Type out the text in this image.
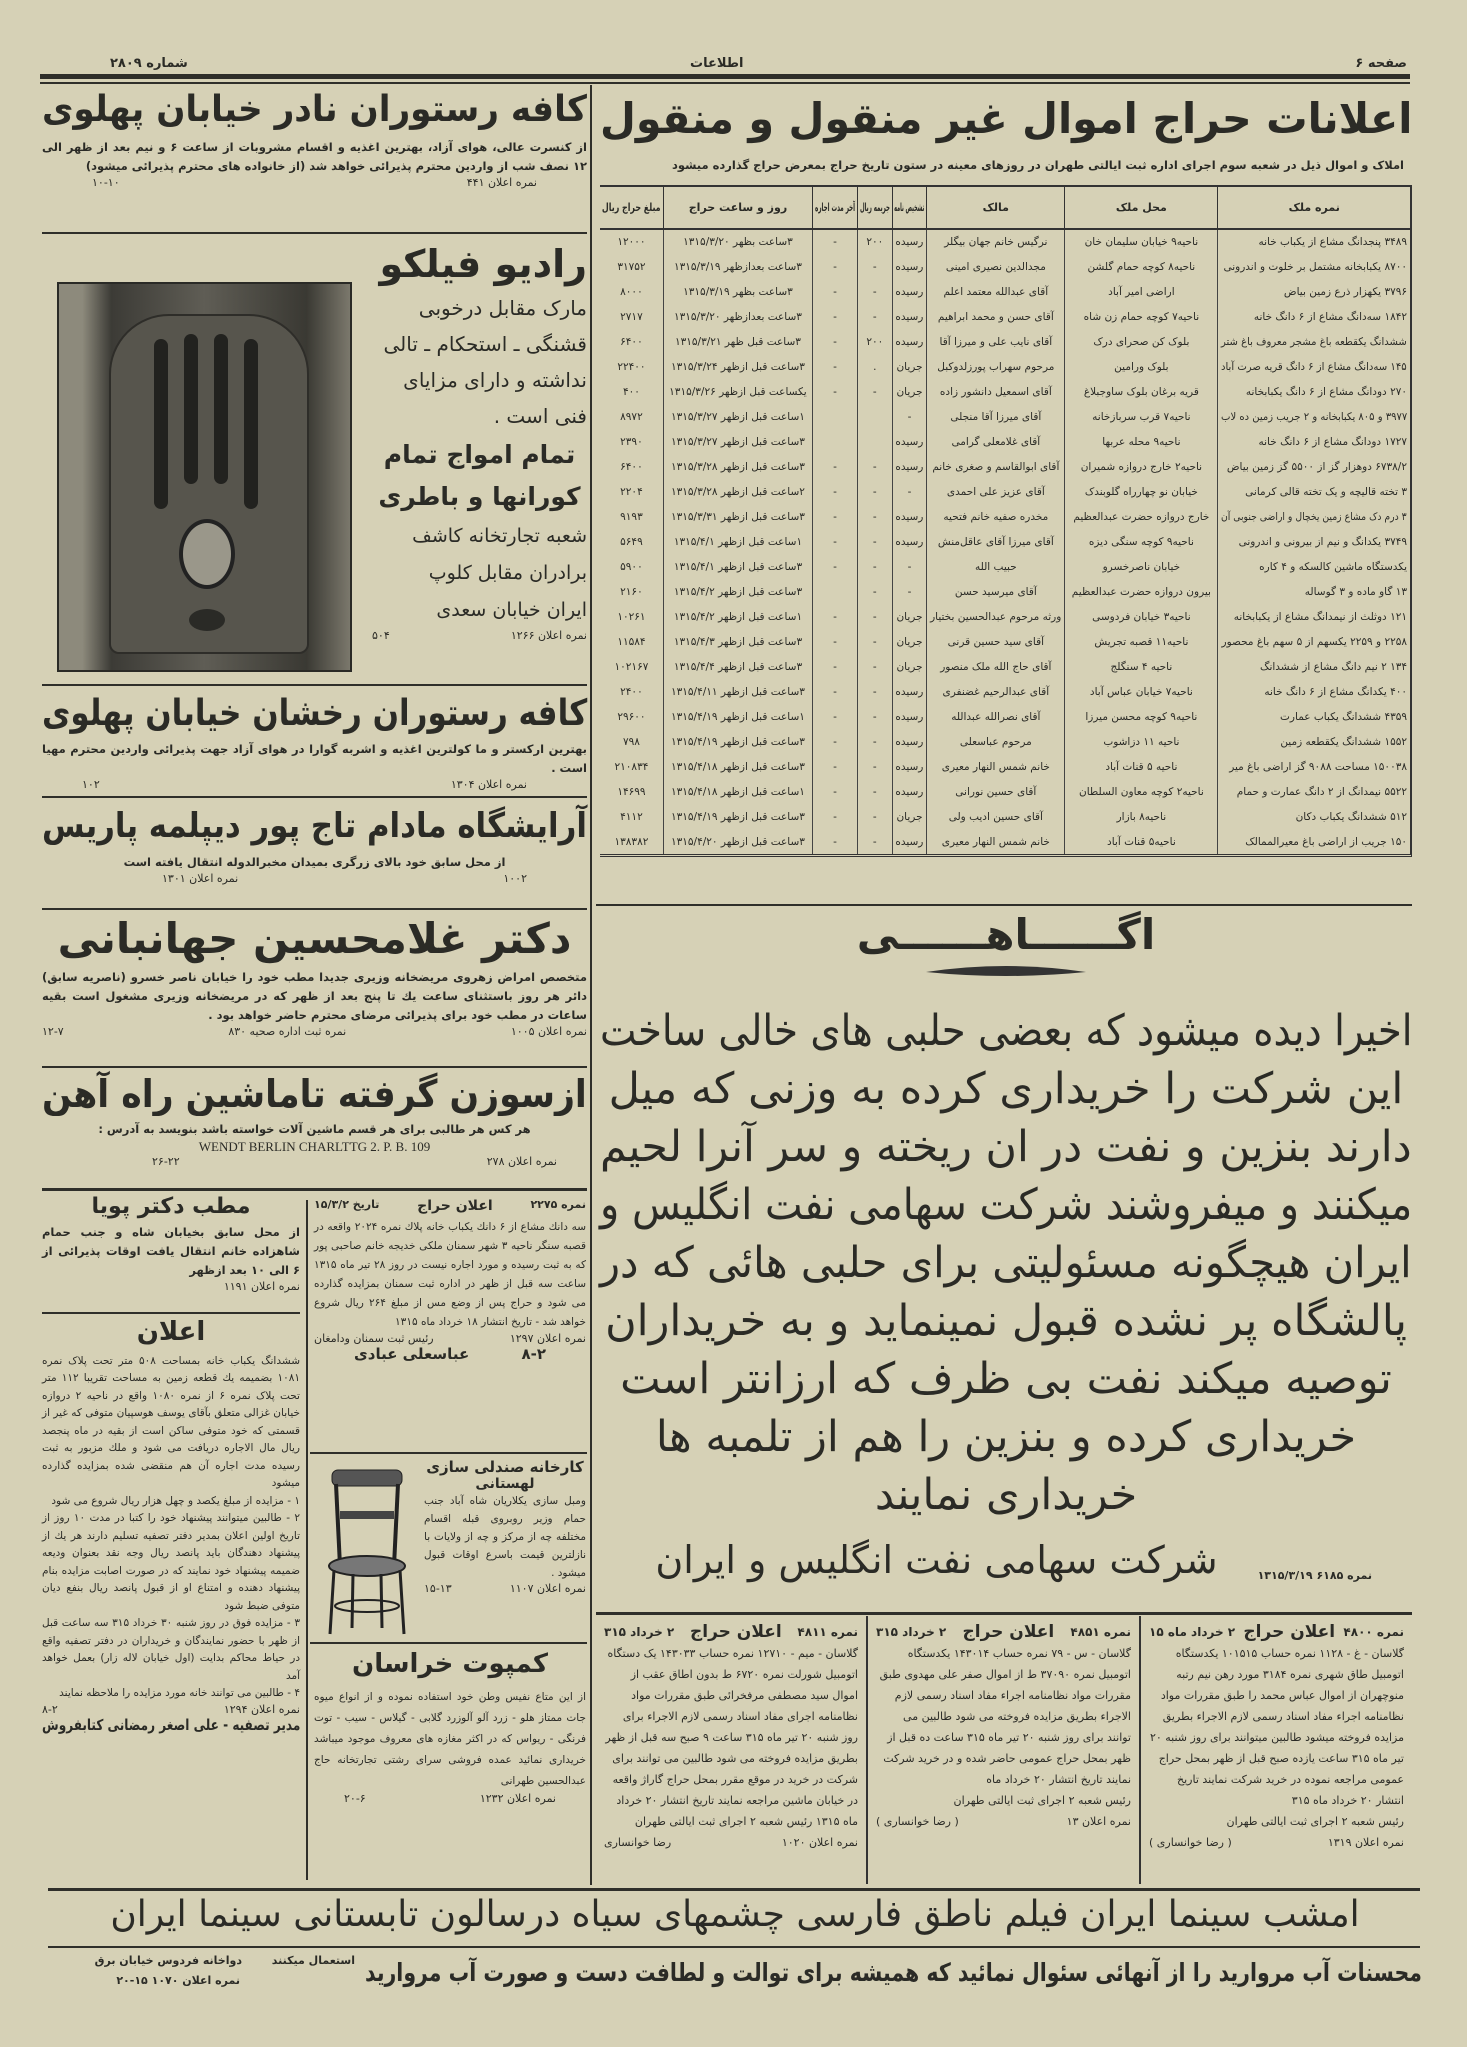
صفحه ۶
اطلاعات
شماره ۲۸۰۹
اعلانات حراج اموال غیر منقول و منقول
املاک و اموال ذیل در شعبه سوم اجرای اداره ثبت ایالتی طهران در روزهای معینه در ستون تاریخ حراج بمعرض حراج گذارده میشود
نمره ملک	محل ملک	مالک	تشخیص نامه	جریمه ریال	آخر مدت اجاره	روز و ساعت حراج	مبلغ حراج ریال
۳۴۸۹ پنجدانگ مشاع از یکباب خانه	ناحیه۹ خیابان سلیمان خان	نرگیس خانم جهان بیگلر	رسیده	۲۰۰	-	۳ساعت بظهر ۱۳۱۵/۳/۲۰	۱۲۰۰۰
۸۷۰۰ یکبابخانه مشتمل بر خلوت و اندرونی	ناحیه۸ کوچه حمام گلشن	مجدالدین نصیری امینی	رسیده	-	-	۳ساعت بعدازظهر ۱۳۱۵/۳/۱۹	۳۱۷۵۲
۳۷۹۶ یکهزار ذرع زمین بیاض	اراضی امیر آباد	آقای عبدالله معتمد اعلم	رسیده	-	-	۳ساعت بظهر ۱۳۱۵/۳/۱۹	۸۰۰۰
۱۸۴۲ سه‌دانگ مشاع از ۶ دانگ خانه	ناحیه۷ کوچه حمام زن شاه	آقای حسن و محمد ابراهیم	رسیده	-	-	۳ساعت بعدازظهر ۱۳۱۵/۳/۲۰	۲۷۱۷
ششدانگ یکقطعه باغ مشجر معروف باغ شتر	بلوک کن صحرای درک	آقای نایب علی و میرزا آقا	رسیده	۲۰۰	-	۳ساعت قبل ظهر ۱۳۱۵/۳/۲۱	۶۴۰۰
۱۴۵ سه‌دانگ مشاع از ۶ دانگ قریه صرت آباد	بلوک ورامین	مرحوم سهراب پورزلدوکبل	جریان	.	-	۳ساعت قبل ازظهر ۱۳۱۵/۳/۲۴	۲۲۴۰۰
۲۷۰ دودانگ مشاع از ۶ دانگ یکبابخانه	قریه برغان بلوک ساوجبلاغ	آقای اسمعیل دانشور زاده	جریان	-	-	یکساعت قبل ازظهر ۱۳۱۵/۳/۲۶	۴۰۰
۳۹۷۷ و ۸۰۵ یکبابخانه و ۲ جریب زمین ده لاب	ناحیه۷ قرب سربازخانه	آقای میرزا آقا منجلی	-			۱ساعت قبل ازظهر ۱۳۱۵/۳/۲۷	۸۹۷۲
۱۷۲۷ دودانگ مشاع از ۶ دانگ خانه	ناحیه۹ محله عربها	آقای غلامعلی گرامی	رسیده			۳ساعت قبل ازظهر ۱۳۱۵/۳/۲۷	۲۳۹۰
۶۷۳۸/۲ دوهزار گز از ۵۵۰۰ گز زمین بیاض	ناحیه۲ خارج دروازه شمیران	آقای ابوالقاسم و صغری خانم	رسیده	-	-	۳ساعت قبل ازظهر ۱۳۱۵/۳/۲۸	۶۴۰۰
۳ تخته قالیچه و یک تخته قالی کرمانی	خیابان نو چهارراه گلوبندک	آقای عزیز علی احمدی	-	-	-	۲ساعت قبل ازظهر ۱۳۱۵/۳/۲۸	۲۲۰۴
۳ درم دک مشاع زمین یخچال و اراضی جنوبی آن	خارج دروازه حضرت عبدالعظیم	مخدره صفیه خانم فتحیه	رسیده	-	-	۳ساعت قبل ازظهر ۱۳۱۵/۳/۳۱	۹۱۹۳
۳۷۴۹ یکدانگ و نیم از بیرونی و اندرونی	ناحیه۹ کوچه سنگی دیزه	آقای میرزا آقای عاقل‌منش	رسیده	-	-	۱ساعت قبل ازظهر ۱۳۱۵/۴/۱	۵۶۴۹
یکدستگاه ماشین کالسکه و ۴ کاره	خیابان ناصرخسرو	حبیب الله	-	-	-	۳ساعت قبل ازظهر ۱۳۱۵/۴/۱	۵۹۰۰
۱۳ گاو ماده و ۳ گوساله	بیرون دروازه حضرت عبدالعظیم	آقای میرسید حسن	-	-		۳ساعت قبل ازظهر ۱۳۱۵/۴/۲	۲۱۶۰
۱۲۱ دوثلث از نیمدانگ مشاع از یکبابخانه	ناحیه۳ خیابان فردوسی	ورثه مرحوم عبدالحسین بختیار	جریان	-	-	۱ساعت قبل ازظهر ۱۳۱۵/۴/۲	۱۰۲۶۱
۲۲۵۸ و ۲۲۵۹ یکسهم از ۵ سهم باغ محصور	ناحیه۱۱ قصبه تجریش	آقای سید حسین قرنی	جریان	-	-	۳ساعت قبل ازظهر ۱۳۱۵/۴/۳	۱۱۵۸۴
۱۳۴ ۲ نیم دانگ مشاع از ششدانگ	ناحیه ۴ سنگلج	آقای حاج الله ملک منصور	جریان	-	-	۳ساعت قبل ازظهر ۱۳۱۵/۴/۴	۱۰۲۱۶۷
۴۰۰ یکدانگ مشاع از ۶ دانگ خانه	ناحیه۷ خیابان عباس آباد	آقای عبدالرحیم غضنفری	رسیده	-	-	۳ساعت قبل ازظهر ۱۳۱۵/۴/۱۱	۲۴۰۰
۴۳۵۹ ششدانگ یکباب عمارت	ناحیه۹ کوچه محسن میرزا	آقای نصرالله عبدالله	رسیده	-	-	۱ساعت قبل ازظهر ۱۳۱۵/۴/۱۹	۲۹۶۰۰
۱۵۵۲ ششدانگ یکقطعه زمین	ناحیه ۱۱ دزاشوب	مرحوم عباسعلی	رسیده	-	-	۳ساعت قبل ازظهر ۱۳۱۵/۴/۱۹	۷۹۸
۱۵۰۰۳۸ مساحت ۹۰۸۸ گز اراضی باغ میر	ناحیه ۵ قنات آباد	خانم شمس النهار معیری	رسیده	-	-	۳ساعت قبل ازظهر ۱۳۱۵/۴/۱۸	۲۱۰۸۳۴
۵۵۲۲ نیمدانگ از ۲ دانگ عمارت و حمام	ناحیه۲ کوچه معاون السلطان	آقای حسین نورانی	رسیده	-	-	۱ساعت قبل ازظهر ۱۳۱۵/۴/۱۸	۱۴۶۹۹
۵۱۲ ششدانگ یکباب دکان	ناحیه۸ بازار	آقای حسین ادیب ولی	جریان	-	-	۳ساعت قبل ازظهر ۱۳۱۵/۴/۱۹	۴۱۱۲
۱۵۰ جریب از اراضی باغ معیرالممالک	ناحیه۵ قنات آباد	خانم شمس النهار معیری	رسیده	-	-	۳ساعت قبل ازظهر ۱۳۱۵/۴/۲۰	۱۳۸۳۸۲
اگــــــاهــــــی
اخیرا دیده میشود که بعضی حلبی های خالی ساخت
این شرکت را خریداری کرده به وزنی که میل
دارند بنزین و نفت در ان ریخته و سر آنرا لحیم
میکنند و میفروشند شرکت سهامی نفت انگلیس و
ایران هیچگونه مسئولیتی برای حلبی هائی که در
پالشگاه پر نشده قبول نمینماید و به خریداران
توصیه میکند نفت بی ظرف که ارزانتر است
خریداری کرده و بنزین را هم از تلمبه ها
خریداری نمایند
نمره ۶۱۸۵ ۱۳۱۵/۳/۱۹
شرکت سهامی نفت انگلیس و ایران
نمره ۴۸۰۰
اعلان حراج
۲ خرداد ماه ۱۵
گلاسان - غ - ۱۱۲۸ نمره حساب ۱۰۱۵۱۵ یکدستگاه اتومبیل طاق شهری نمره ۳۱۸۴ مورد رهن نیم رتبه منوچهران از اموال عباس محمد را طبق مقررات مواد نظامنامه اجراء مفاد اسناد رسمی لازم الاجراء بطریق مزایده فروخته میشود طالبین میتوانند برای روز شنبه ۲۰ تیر ماه ۳۱۵ ساعت یازده صبح قبل از ظهر بمحل حراج عمومی مراجعه نموده در خرید شرکت نمایند تاریخ انتشار ۲۰ خرداد ماه ۳۱۵
رئیس شعبه ۲ اجرای ثبت ایالتی طهران
نمره اعلان ۱۳۱۹
( رضا خوانساری )
نمره ۴۸۵۱
اعلان حراج
۲ خرداد ۳۱۵
گلاسان - س - ۷۹ نمره حساب ۱۴۳۰۱۴ یکدستگاه اتومبیل نمره ۳۷۰۹۰ ط از اموال صفر علی مهدوی طبق مقررات مواد نظامنامه اجراء مفاد اسناد رسمی لازم الاجراء بطریق مزایده فروخته می شود طالبین می توانند برای روز شنبه ۲۰ تیر ماه ۳۱۵ ساعت ده قبل از ظهر بمحل حراج عمومی حاضر شده و در خرید شرکت نمایند تاریخ انتشار ۲۰ خرداد ماه
رئیس شعبه ۲ اجرای ثبت ایالتی طهران
نمره اعلان ۱۳
( رضا خوانساری )
نمره ۴۸۱۱
اعلان حراج
۲ خرداد ۳۱۵
گلاسان - میم - ۱۲۷۱۰ نمره حساب ۱۴۳۰۳۳ یک دستگاه اتومبیل شورلت نمره ۶۷۲۰ ط بدون اطاق عقب از اموال سید مصطفی مرفخرائی طبق مقررات مواد نظامنامه اجرای مفاد اسناد رسمی لازم الاجراء برای روز شنبه ۲۰ تیر ماه ۳۱۵ ساعت ۹ صبح سه قبل از ظهر بطریق مزایده فروخته می شود طالبین می توانند برای شرکت در خرید در موقع مقرر بمحل حراج گاراژ واقعه در خیابان ماشین مراجعه نمایند تاریخ انتشار ۲۰ خرداد ماه ۱۳۱۵ رئیس شعبه ۲ اجرای ثبت ایالتی طهران
نمره اعلان ۱۰۲۰
رضا خوانساری
کافه رستوران نادر خیابان پهلوی
از کنسرت عالی، هوای آزاد، بهترین اغذیه و اقسام مشروبات از ساعت ۶ و نیم بعد از ظهر الی ۱۲ نصف شب از واردین محترم پذیرائی خواهد شد (از خانواده های محترم پذیرائی میشود)
نمره اعلان ۴۴۱
۱۰-۱۰
رادیو فیلکو
مارک مقابل درخوبی
قشنگی ـ استحکام ـ تالی
نداشته و دارای مزایای
فنی است .
تمام امواج تمام
کورانها و باطری
شعبه تجارتخانه کاشف
برادران مقابل کلوپ
ایران خیابان سعدی
نمره اعلان ۱۲۶۶
۵۰۴
کافه رستوران رخشان خیابان پهلوی
بهترین ارکستر و ما کولترین اغذیه و اشربه گوارا در هوای آزاد جهت پذیرائی واردین محترم مهیا است .
نمره اعلان ۱۳۰۴
۱۰۲
آرایشگاه مادام تاج پور دیپلمه پاریس
از محل سابق خود بالای زرگری بمیدان مخبرالدوله انتقال یافته است
۱۰۰۲
نمره اعلان ۱۳۰۱
دکتر غلامحسین جهانبانی
متخصص امراض زهروی مریضخانه وزیری جدیدا مطب خود را خیابان ناصر خسرو (ناصریه سابق) دائر هر روز باستثنای ساعت یك تا پنج بعد از ظهر که در مریضخانه وزیری مشغول است بقیه ساعات در مطب خود برای پذیرائی مرضای محترم حاضر خواهد بود .
نمره اعلان ۱۰۰۵
نمره ثبت اداره صحیه ۸۳۰
۱۲-۷
ازسوزن گرفته تاماشین راه آهن
هر کس هر طالبی برای هر قسم ماشین آلات خواسته باشد بنویسد به آدرس :
WENDT BERLIN CHARLTTG 2. P. B. 109
نمره اعلان ۲۷۸
۲۶-۲۲
مطب دکتر پویا
از محل سابق بخیابان شاه و جنب حمام شاهزاده خانم انتقال یافت اوقات پذیرائی از ۶ الی ۱۰ بعد ازظهر
نمره اعلان ۱۱۹۱
اعلان
ششدانگ یکباب خانه بمساحت ۵۰۸ متر تحت پلاک نمره ۱۰۸۱ بضمیمه یك قطعه زمین به مساحت تقریبا ۱۱۲ متر تحت پلاک نمره ۶ از نمره ۱۰۸۰ واقع در ناحیه ۲ دروازه خیابان غزالی متعلق بآقای یوسف هوسپیان متوفی که غیر از قسمتی که خود متوفی ساکن است از بقیه در ماه پنجصد ریال مال الاجاره دریافت می شود و ملك مزبور به ثبت رسیده مدت اجاره آن هم منقضی شده بمزایده گذارده میشود
۱ - مزایده از مبلغ یکصد و چهل هزار ریال شروع می شود
۲ - طالبین میتوانند پیشنهاد خود را کتبا در مدت ۱۰ روز از تاریخ اولین اعلان بمدیر دفتر تصفیه تسلیم دارند هر یك از پیشنهاد دهندگان باید پانصد ریال وجه نقد بعنوان ودیعه ضمیمه پیشنهاد خود نمایند که در صورت اصابت مزایده بنام پیشنهاد دهنده و امتناع او از قبول پانصد ریال بنفع دیان متوفی ضبط شود
۳ - مزایده فوق در روز شنبه ۳۰ خرداد ۳۱۵ سه ساعت قبل از ظهر با حضور نمایندگان و خریداران در دفتر تصفیه واقع در حیاط محاکم بدایت (اول خیابان لاله زار) بعمل خواهد آمد
۴ - طالبین می توانند خانه مورد مزایده را ملاحظه نمایند
نمره اعلان ۱۲۹۴
۸-۲
مدیر تصفیه - علی اصغر رمضانی کتابفروش
نمره ۲۲۷۵
اعلان حراج
تاریخ ۱۵/۳/۲
سه دانك مشاع از ۶ دانك يكباب خانه پلاك نمره ۲۰۲۴ واقعه در قصبه سنگر ناحیه ۳ شهر سمنان ملکی خدیجه خانم صاحبی پور که به ثبت رسیده و مورد اجاره نیست در روز ۲۸ تیر ماه ۱۳۱۵ ساعت سه قبل از ظهر در اداره ثبت سمنان بمزایده گذارده می شود و حراج پس از وضع مس از مبلغ ۲۶۴ ریال شروع خواهد شد - تاریخ انتشار ۱۸ خرداد ماه ۱۳۱۵
نمره اعلان ۱۲۹۷
رئیس ثبت سمنان ودامغان
۸-۲
عباسعلی عبادی
کارخانه صندلی سازی
لهستانی
ومبل سازی یکلاریان شاه آباد جنب حمام وزیر روبروی قبله اقسام مختلفه چه از مرکز و چه از ولایات با نازلترین قیمت باسرع اوقات قبول میشود .
نمره اعلان ۱۱۰۷
۱۵-۱۳
کمپوت خراسان
از این متاع نفیس وطن خود استفاده نموده و از انواع میوه جات ممتاز هلو - زرد آلو آلوزرد گلابی - گیلاس - سیب - توت فرنگی - ریواس که در اکثر مغازه های معروف موجود میباشد خریداری نمائید عمده فروشی سرای رشتی تجارتخانه حاج عبدالحسین طهرانی
نمره اعلان ۱۲۳۲
۲۰-۶
امشب سینما ایران فیلم ناطق فارسی چشمهای سیاه درسالون تابستانی سینما ایران
محسنات آب مروارید را از آنهائی سئوال نمائید که همیشه برای توالت و لطافت دست و صورت آب مروارید
استعمال میکنند
دواخانه فردوس خیابان برق
نمره اعلان ۱۰۷۰ ۱۵-۲۰
